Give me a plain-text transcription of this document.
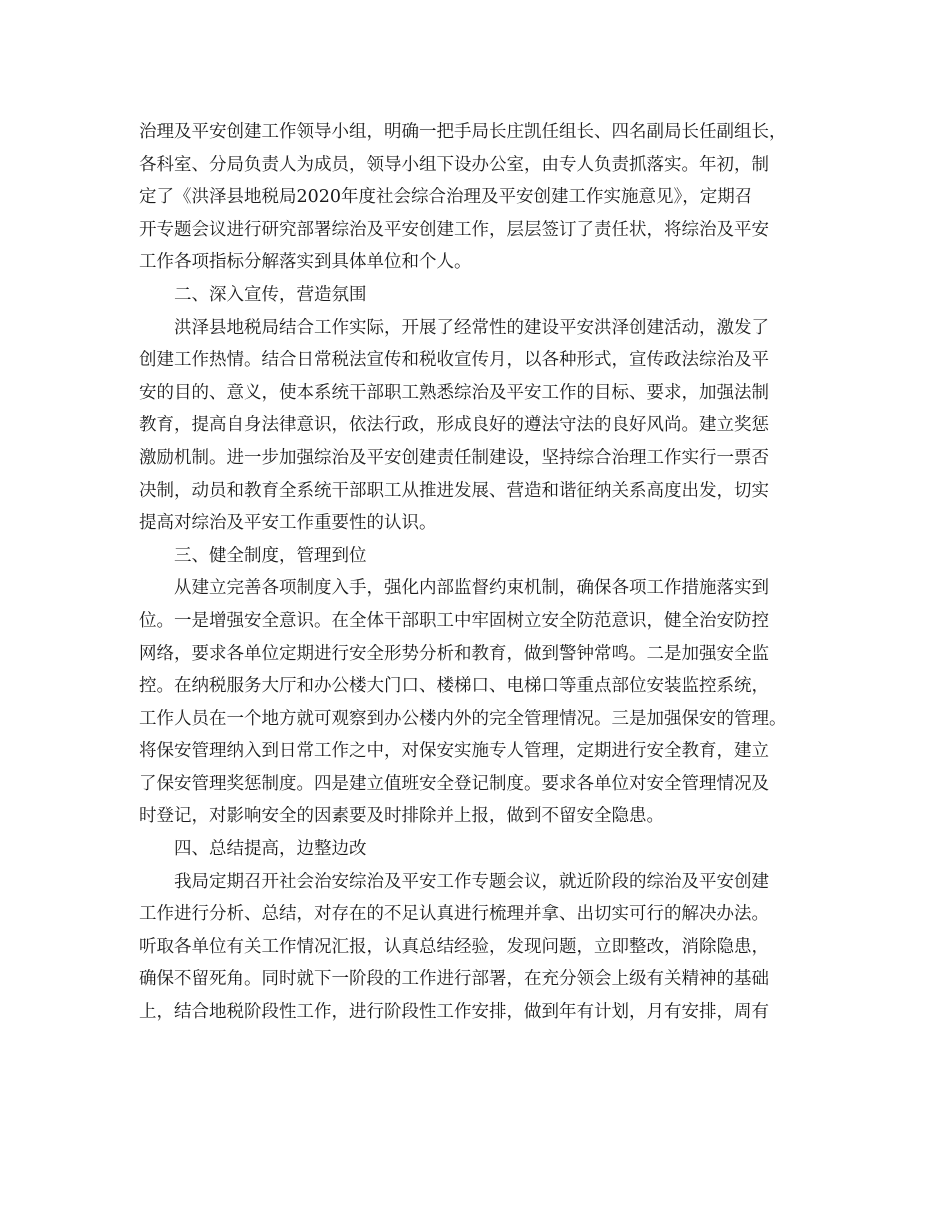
治理及平安创建工作领导小组，明确一把手局长庄凯任组长、四名副局长任副组长，
各科室、分局负责人为成员，领导小组下设办公室，由专人负责抓落实。年初，制
定了《洪泽县地税局2020年度社会综合治理及平安创建工作实施意见》，定期召
开专题会议进行研究部署综治及平安创建工作，层层签订了责任状，将综治及平安
工作各项指标分解落实到具体单位和个人。
二、深入宣传，营造氛围
洪泽县地税局结合工作实际，开展了经常性的建设平安洪泽创建活动，激发了
创建工作热情。结合日常税法宣传和税收宣传月，以各种形式，宣传政法综治及平
安的目的、意义，使本系统干部职工熟悉综治及平安工作的目标、要求，加强法制
教育，提高自身法律意识，依法行政，形成良好的遵法守法的良好风尚。建立奖惩
激励机制。进一步加强综治及平安创建责任制建设，坚持综合治理工作实行一票否
决制，动员和教育全系统干部职工从推进发展、营造和谐征纳关系高度出发，切实
提高对综治及平安工作重要性的认识。
三、健全制度，管理到位
从建立完善各项制度入手，强化内部监督约束机制，确保各项工作措施落实到
位。一是增强安全意识。在全体干部职工中牢固树立安全防范意识，健全治安防控
网络，要求各单位定期进行安全形势分析和教育，做到警钟常鸣。二是加强安全监
控。在纳税服务大厅和办公楼大门口、楼梯口、电梯口等重点部位安装监控系统，
工作人员在一个地方就可观察到办公楼内外的完全管理情况。三是加强保安的管理。
将保安管理纳入到日常工作之中，对保安实施专人管理，定期进行安全教育，建立
了保安管理奖惩制度。四是建立值班安全登记制度。要求各单位对安全管理情况及
时登记，对影响安全的因素要及时排除并上报，做到不留安全隐患。
四、总结提高，边整边改
我局定期召开社会治安综治及平安工作专题会议，就近阶段的综治及平安创建
工作进行分析、总结，对存在的不足认真进行梳理并拿、出切实可行的解决办法。
听取各单位有关工作情况汇报，认真总结经验，发现问题，立即整改，消除隐患，
确保不留死角。同时就下一阶段的工作进行部署，在充分领会上级有关精神的基础
上，结合地税阶段性工作，进行阶段性工作安排，做到年有计划，月有安排，周有
